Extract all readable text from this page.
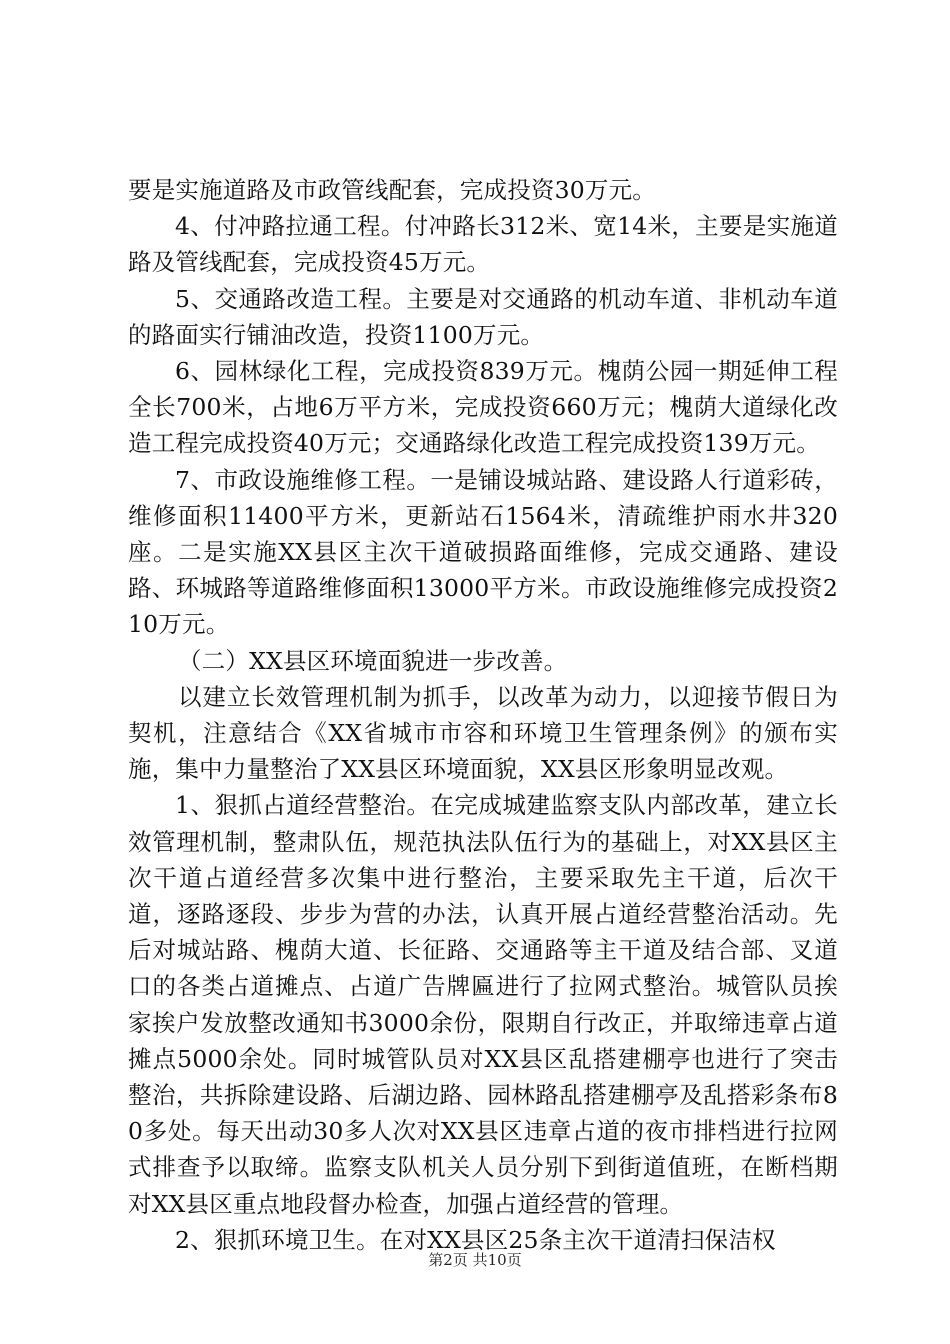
要是实施道路及市政管线配套，完成投资30万元。

4、付冲路拉通工程。付冲路长312米、宽14米，主要是实施道路及管线配套，完成投资45万元。

5、交通路改造工程。主要是对交通路的机动车道、非机动车道的路面实行铺油改造，投资1100万元。

6、园林绿化工程，完成投资839万元。槐荫公园一期延伸工程全长700米，占地6万平方米，完成投资660万元；槐荫大道绿化改造工程完成投资40万元；交通路绿化改造工程完成投资139万元。

7、市政设施维修工程。一是铺设城站路、建设路人行道彩砖，维修面积11400平方米，更新站石1564米，清疏维护雨水井320座。二是实施XX县区主次干道破损路面维修，完成交通路、建设路、环城路等道路维修面积13000平方米。市政设施维修完成投资210万元。

（二）XX县区环境面貌进一步改善。

以建立长效管理机制为抓手，以改革为动力，以迎接节假日为契机，注意结合《XX省城市市容和环境卫生管理条例》的颁布实施，集中力量整治了XX县区环境面貌，XX县区形象明显改观。

1、狠抓占道经营整治。在完成城建监察支队内部改革，建立长效管理机制，整肃队伍，规范执法队伍行为的基础上，对XX县区主次干道占道经营多次集中进行整治，主要采取先主干道，后次干道，逐路逐段、步步为营的办法，认真开展占道经营整治活动。先后对城站路、槐荫大道、长征路、交通路等主干道及结合部、叉道口的各类占道摊点、占道广告牌匾进行了拉网式整治。城管队员挨家挨户发放整改通知书3000余份，限期自行改正，并取缔违章占道摊点5000余处。同时城管队员对XX县区乱搭建棚亭也进行了突击整治，共拆除建设路、后湖边路、园林路乱搭建棚亭及乱搭彩条布80多处。每天出动30多人次对XX县区违章占道的夜市排档进行拉网式排查予以取缔。监察支队机关人员分别下到街道值班，在断档期对XX县区重点地段督办检查，加强占道经营的管理。

2、狠抓环境卫生。在对XX县区25条主次干道清扫保洁权

第2页 共10页
